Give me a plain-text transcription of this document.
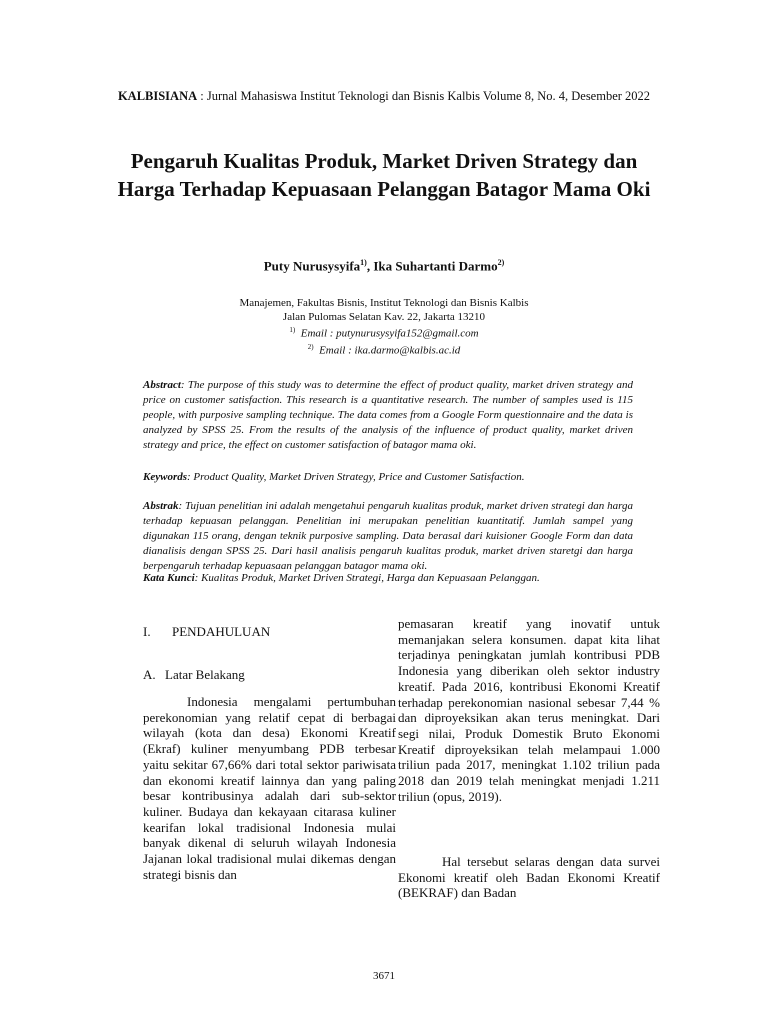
KALBISIANA : Jurnal Mahasiswa Institut Teknologi dan Bisnis Kalbis Volume 8, No. 4, Desember 2022
Pengaruh Kualitas Produk, Market Driven Strategy dan Harga Terhadap Kepuasaan Pelanggan Batagor Mama Oki
Puty Nurusysyifa$^{1)}$, Ika Suhartanti Darmo$^{2)}$
Manajemen, Fakultas Bisnis, Institut Teknologi dan Bisnis Kalbis
Jalan Pulomas Selatan Kav. 22, Jakarta 13210
$^{1)}$ Email : putynurusysyifa152@gmail.com
$^{2)}$ Email : ika.darmo@kalbis.ac.id
Abstract: The purpose of this study was to determine the effect of product quality, market driven strategy and price on customer satisfaction. This research is a quantitative research. The number of samples used is 115 people, with purposive sampling technique. The data comes from a Google Form questionnaire and the data is analyzed by SPSS 25. From the results of the analysis of the influence of product quality, market driven strategy and price, the effect on customer satisfaction of batagor mama oki.
Keywords: Product Quality, Market Driven Strategy, Price and Customer Satisfaction.
Abstrak: Tujuan penelitian ini adalah mengetahui pengaruh kualitas produk, market driven strategi dan harga terhadap kepuasan pelanggan. Penelitian ini merupakan penelitian kuantitatif. Jumlah sampel yang digunakan 115 orang, dengan teknik purposive sampling. Data berasal dari kuisioner Google Form dan data dianalisis dengan SPSS 25. Dari hasil analisis pengaruh kualitas produk, market driven staretgi dan harga berpengaruh terhadap kepuasaan pelanggan batagor mama oki.
Kata Kunci: Kualitas Produk, Market Driven Strategi, Harga dan Kepuasaan Pelanggan.
I. PENDAHULUAN
A. Latar Belakang

Indonesia mengalami pertumbuhan perekonomian yang relatif cepat di berbagai wilayah (kota dan desa) Ekonomi Kreatif (Ekraf) kuliner menyumbang PDB terbesar yaitu sekitar 67,66% dari total sektor pariwisata dan ekonomi kreatif lainnya dan yang paling besar kontribusinya adalah dari sub-sektor kuliner. Budaya dan kekayaan citarasa kuliner kearifan lokal tradisional Indonesia mulai banyak dikenal di seluruh wilayah Indonesia Jajanan lokal tradisional mulai dikemas dengan strategi bisnis dan

pemasaran kreatif yang inovatif untuk memanjakan selera konsumen. dapat kita lihat terjadinya peningkatan jumlah kontribusi PDB Indonesia yang diberikan oleh sektor industry kreatif. Pada 2016, kontribusi Ekonomi Kreatif terhadap perekonomian nasional sebesar 7,44 % dan diproyeksikan akan terus meningkat. Dari segi nilai, Produk Domestik Bruto Ekonomi Kreatif diproyeksikan telah melampaui 1.000 triliun pada 2017, meningkat 1.102 triliun pada 2018 dan 2019 telah meningkat menjadi 1.211 triliun (opus, 2019).

Hal tersebut selaras dengan data survei Ekonomi kreatif oleh Badan Ekonomi Kreatif (BEKRAF) dan Badan

3671
